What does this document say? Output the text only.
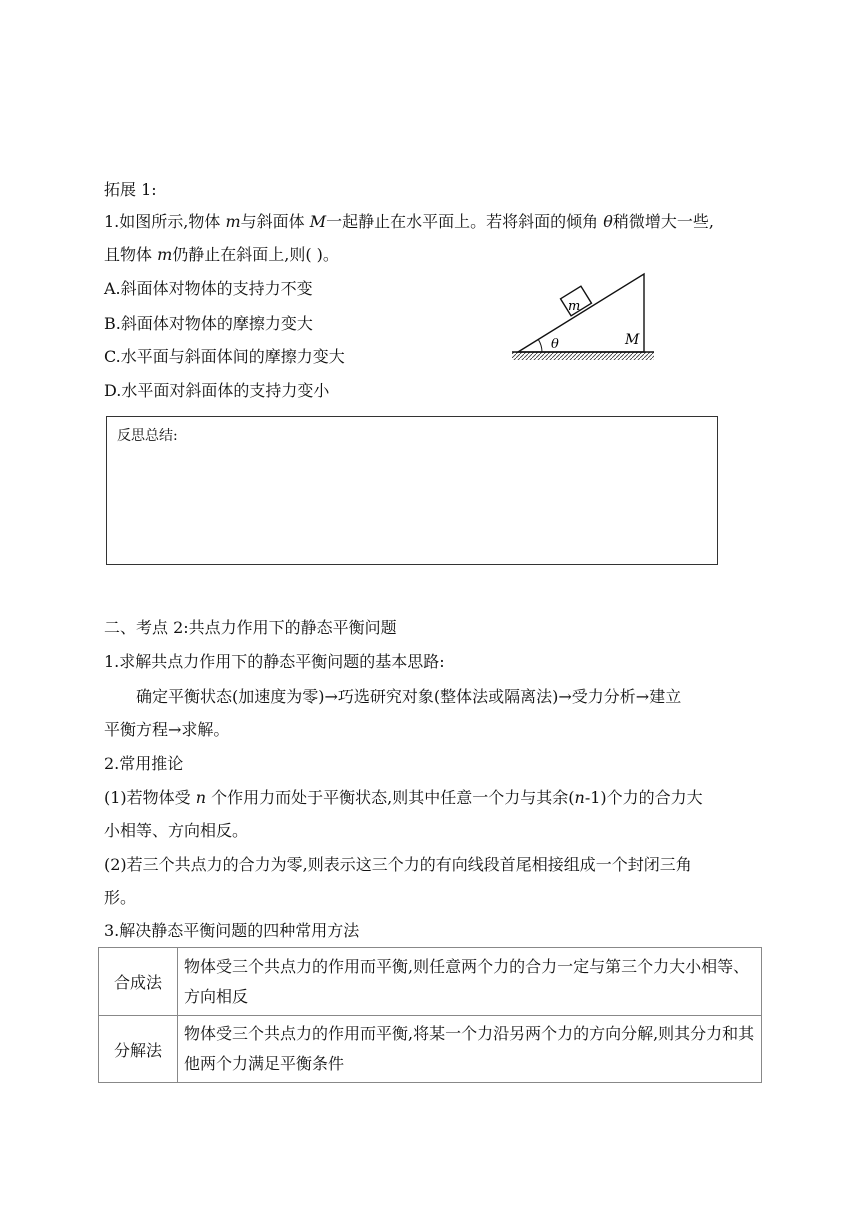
拓展 1:
1.如图所示,物体 m与斜面体 M一起静止在水平面上。若将斜面的倾角 θ稍微增大一些,
且物体 m仍静止在斜面上,则( )。
A.斜面体对物体的支持力不变
B.斜面体对物体的摩擦力变大
C.水平面与斜面体间的摩擦力变大
D.水平面对斜面体的支持力变小
m
M
θ
反思总结:
二、考点 2:共点力作用下的静态平衡问题
1.求解共点力作用下的静态平衡问题的基本思路:
确定平衡状态(加速度为零)→巧选研究对象(整体法或隔离法)→受力分析→建立
平衡方程→求解。
2.常用推论
(1)若物体受 n 个作用力而处于平衡状态,则其中任意一个力与其余(n-1)个力的合力大
小相等、方向相反。
(2)若三个共点力的合力为零,则表示这三个力的有向线段首尾相接组成一个封闭三角
形。
3.解决静态平衡问题的四种常用方法
合成法	物体受三个共点力的作用而平衡,则任意两个力的合力一定与第三个力大小相等、方向相反
分解法	物体受三个共点力的作用而平衡,将某一个力沿另两个力的方向分解,则其分力和其他两个力满足平衡条件
